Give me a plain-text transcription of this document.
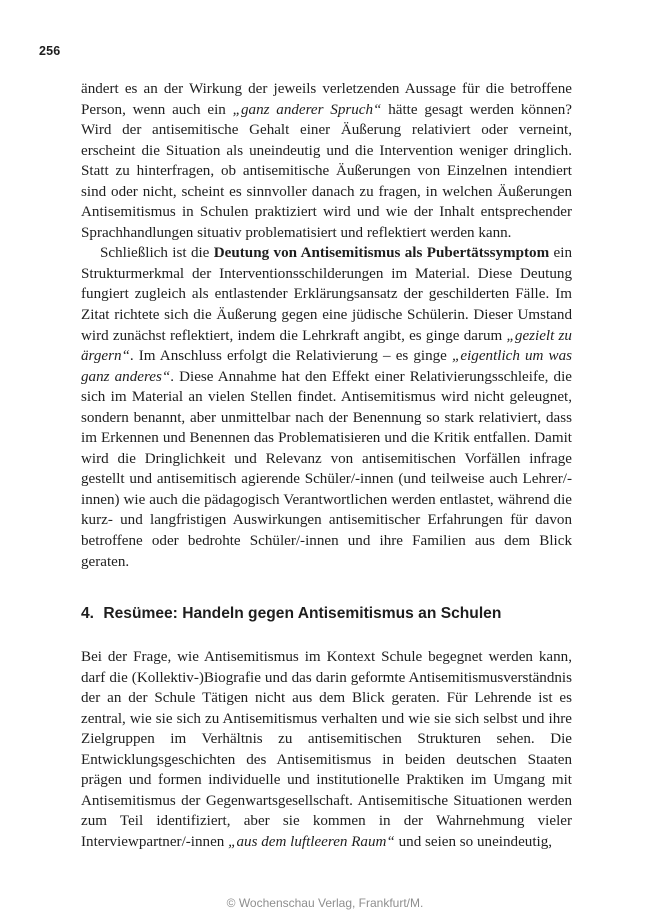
256

ändert es an der Wirkung der jeweils verletzenden Aussage für die betroffene Person, wenn auch ein „ganz anderer Spruch“ hätte gesagt werden können? Wird der antisemitische Gehalt einer Äußerung relativiert oder verneint, erscheint die Situation als uneindeutig und die Intervention weniger dringlich. Statt zu hinterfragen, ob antisemitische Äußerungen von Einzelnen intendiert sind oder nicht, scheint es sinnvoller danach zu fragen, in welchen Äußerungen Antisemitismus in Schulen praktiziert wird und wie der Inhalt entsprechender Sprachhandlungen situativ problematisiert und reflektiert werden kann.

Schließlich ist die Deutung von Antisemitismus als Pubertätssymptom ein Strukturmerkmal der Interventionsschilderungen im Material. Diese Deutung fungiert zugleich als entlastender Erklärungsansatz der geschilderten Fälle. Im Zitat richtete sich die Äußerung gegen eine jüdische Schülerin. Dieser Umstand wird zunächst reflektiert, indem die Lehrkraft angibt, es ginge darum „gezielt zu ärgern“. Im Anschluss erfolgt die Relativierung – es ginge „eigentlich um was ganz anderes“. Diese Annahme hat den Effekt einer Relativierungsschleife, die sich im Material an vielen Stellen findet. Antisemitismus wird nicht geleugnet, sondern benannt, aber unmittelbar nach der Benennung so stark relativiert, dass im Erkennen und Benennen das Problematisieren und die Kritik entfallen. Damit wird die Dringlichkeit und Relevanz von antisemitischen Vorfällen infrage gestellt und antisemitisch agierende Schüler/-innen (und teilweise auch Lehrer/-innen) wie auch die pädagogisch Verantwortlichen werden entlastet, während die kurz- und langfristigen Auswirkungen antisemitischer Erfahrungen für davon betroffene oder bedrohte Schüler/-innen und ihre Familien aus dem Blick geraten.

4. Resümee: Handeln gegen Antisemitismus an Schulen

Bei der Frage, wie Antisemitismus im Kontext Schule begegnet werden kann, darf die (Kollektiv-)Biografie und das darin geformte Antisemitismusverständnis der an der Schule Tätigen nicht aus dem Blick geraten. Für Lehrende ist es zentral, wie sie sich zu Antisemitismus verhalten und wie sie sich selbst und ihre Zielgruppen im Verhältnis zu antisemitischen Strukturen sehen. Die Entwicklungsgeschichten des Antisemitismus in beiden deutschen Staaten prägen und formen individuelle und institutionelle Praktiken im Umgang mit Antisemitismus der Gegenwartsgesellschaft. Antisemitische Situationen werden zum Teil identifiziert, aber sie kommen in der Wahrnehmung vieler Interviewpartner/-innen „aus dem luftleeren Raum“ und seien so uneindeutig,

© Wochenschau Verlag, Frankfurt/M.
